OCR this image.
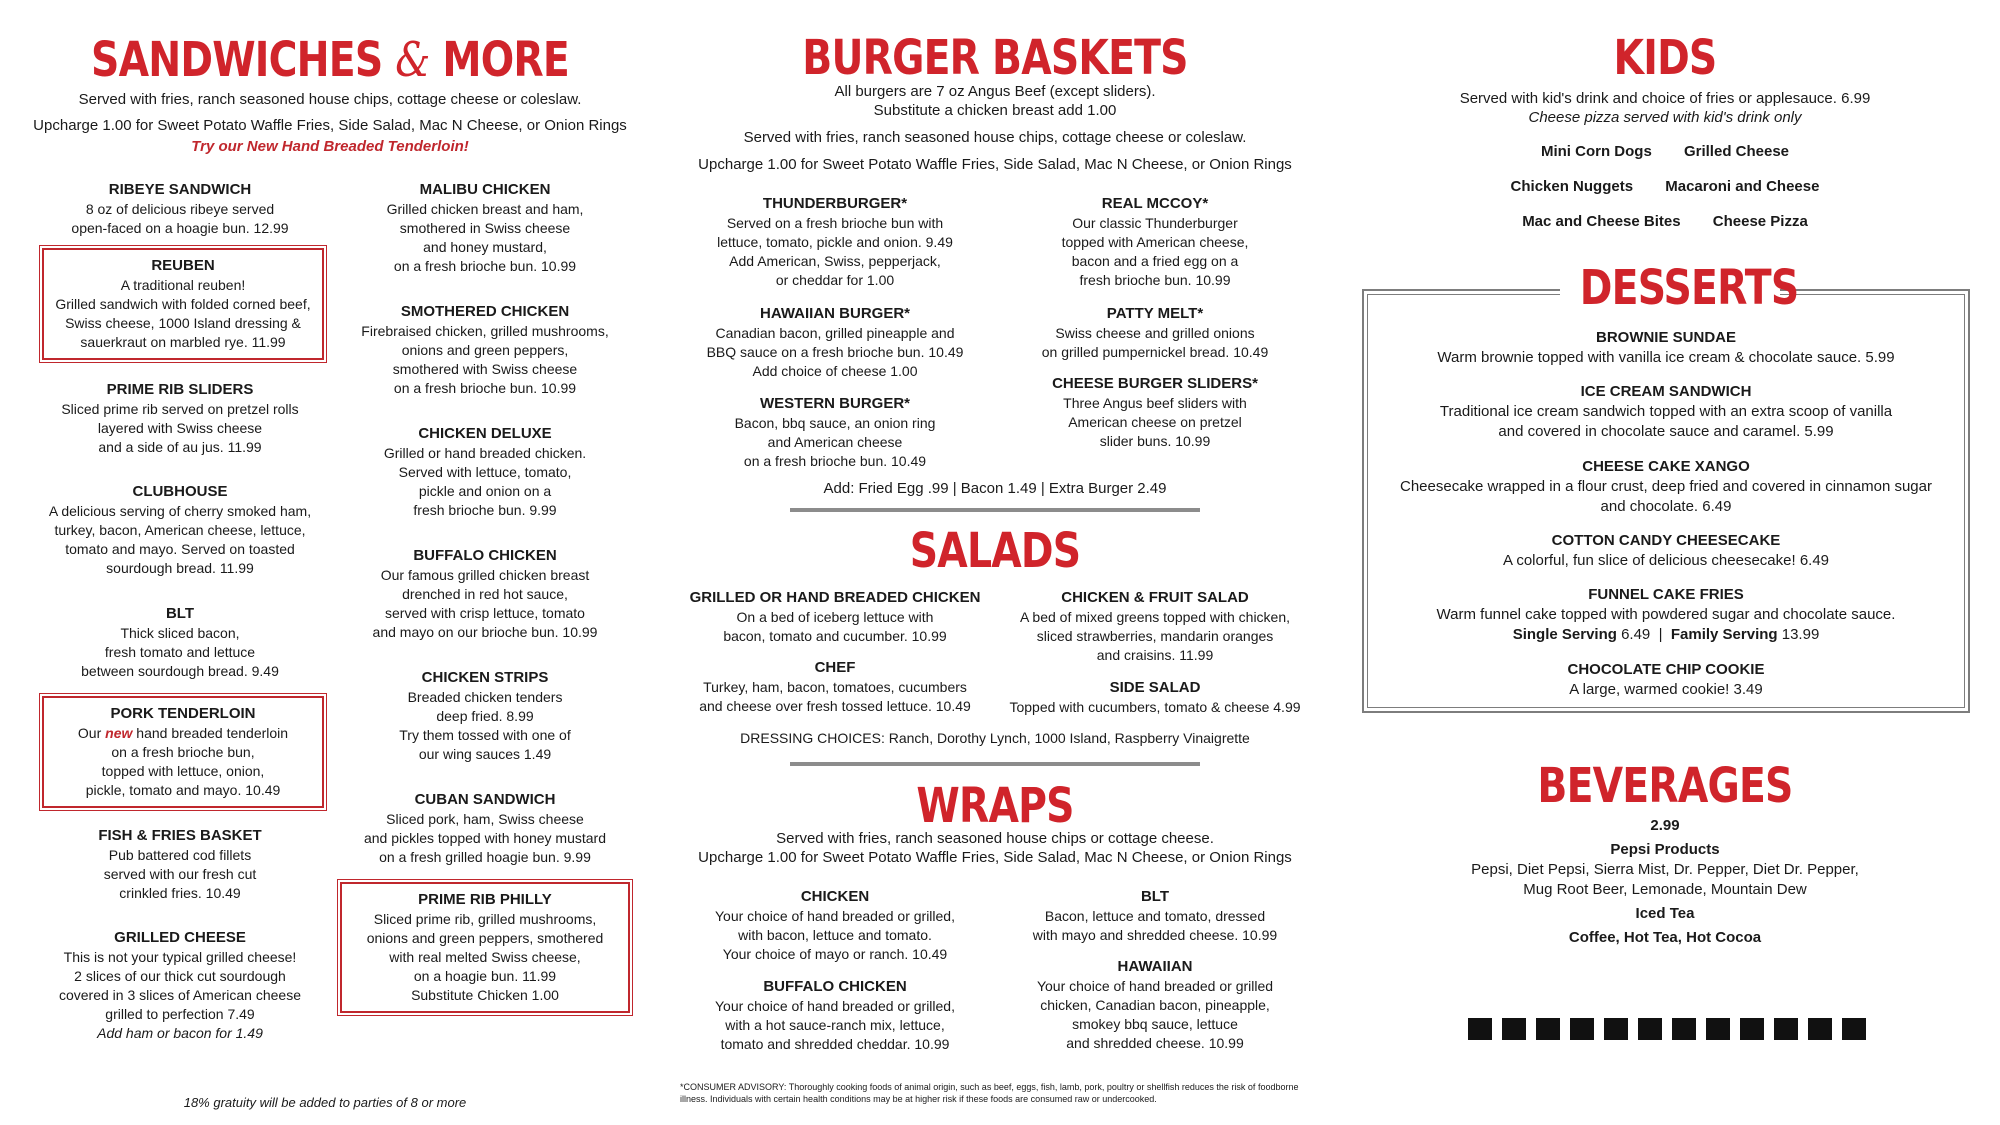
SANDWICHES & MORE

Served with fries, ranch seasoned house chips, cottage cheese or coleslaw.

Upcharge 1.00 for Sweet Potato Waffle Fries, Side Salad, Mac N Cheese, or Onion Rings

Try our New Hand Breaded Tenderloin!

RIBEYE SANDWICH
8 oz of delicious ribeye served
open-faced on a hoagie bun. 12.99
REUBEN
A traditional reuben!
Grilled sandwich with folded corned beef,
Swiss cheese, 1000 Island dressing &
sauerkraut on marbled rye. 11.99
PRIME RIB SLIDERS
Sliced prime rib served on pretzel rolls
layered with Swiss cheese
and a side of au jus. 11.99
CLUBHOUSE
A delicious serving of cherry smoked ham,
turkey, bacon, American cheese, lettuce,
tomato and mayo. Served on toasted
sourdough bread. 11.99
BLT
Thick sliced bacon,
fresh tomato and lettuce
between sourdough bread. 9.49
PORK TENDERLOIN
Our new hand breaded tenderloin
on a fresh brioche bun,
topped with lettuce, onion,
pickle, tomato and mayo. 10.49
FISH & FRIES BASKET
Pub battered cod fillets
served with our fresh cut
crinkled fries. 10.49
GRILLED CHEESE
This is not your typical grilled cheese!
2 slices of our thick cut sourdough
covered in 3 slices of American cheese
grilled to perfection 7.49
Add ham or bacon for 1.49
MALIBU CHICKEN
Grilled chicken breast and ham,
smothered in Swiss cheese
and honey mustard,
on a fresh brioche bun. 10.99
SMOTHERED CHICKEN
Firebraised chicken, grilled mushrooms,
onions and green peppers,
smothered with Swiss cheese
on a fresh brioche bun. 10.99
CHICKEN DELUXE
Grilled or hand breaded chicken.
Served with lettuce, tomato,
pickle and onion on a
fresh brioche bun. 9.99
BUFFALO CHICKEN
Our famous grilled chicken breast
drenched in red hot sauce,
served with crisp lettuce, tomato
and mayo on our brioche bun. 10.99
CHICKEN STRIPS
Breaded chicken tenders
deep fried. 8.99
Try them tossed with one of
our wing sauces 1.49
CUBAN SANDWICH
Sliced pork, ham, Swiss cheese
and pickles topped with honey mustard
on a fresh grilled hoagie bun. 9.99
PRIME RIB PHILLY
Sliced prime rib, grilled mushrooms,
onions and green peppers, smothered
with real melted Swiss cheese,
on a hoagie bun. 11.99
Substitute Chicken 1.00
18% gratuity will be added to parties of 8 or more
BURGER BASKETS

All burgers are 7 oz Angus Beef (except sliders).

Substitute a chicken breast add 1.00

Served with fries, ranch seasoned house chips, cottage cheese or coleslaw.

Upcharge 1.00 for Sweet Potato Waffle Fries, Side Salad, Mac N Cheese, or Onion Rings

THUNDERBURGER*
Served on a fresh brioche bun with
lettuce, tomato, pickle and onion. 9.49
Add American, Swiss, pepperjack,
or cheddar for 1.00
HAWAIIAN BURGER*
Canadian bacon, grilled pineapple and
BBQ sauce on a fresh brioche bun. 10.49
Add choice of cheese 1.00
WESTERN BURGER*
Bacon, bbq sauce, an onion ring
and American cheese
on a fresh brioche bun. 10.49
REAL MCCOY*
Our classic Thunderburger
topped with American cheese,
bacon and a fried egg on a
fresh brioche bun. 10.99
PATTY MELT*
Swiss cheese and grilled onions
on grilled pumpernickel bread. 10.49
CHEESE BURGER SLIDERS*
Three Angus beef sliders with
American cheese on pretzel
slider buns. 10.99
Add: Fried Egg .99 | Bacon 1.49 | Extra Burger 2.49
SALADS
GRILLED OR HAND BREADED CHICKEN
On a bed of iceberg lettuce with
bacon, tomato and cucumber. 10.99
CHEF
Turkey, ham, bacon, tomatoes, cucumbers
and cheese over fresh tossed lettuce. 10.49
CHICKEN & FRUIT SALAD
A bed of mixed greens topped with chicken,
sliced strawberries, mandarin oranges
and craisins. 11.99
SIDE SALAD
Topped with cucumbers, tomato & cheese 4.99
DRESSING CHOICES: Ranch, Dorothy Lynch, 1000 Island, Raspberry Vinaigrette
WRAPS

Served with fries, ranch seasoned house chips or cottage cheese.

Upcharge 1.00 for Sweet Potato Waffle Fries, Side Salad, Mac N Cheese, or Onion Rings

CHICKEN
Your choice of hand breaded or grilled,
with bacon, lettuce and tomato.
Your choice of mayo or ranch. 10.49
BUFFALO CHICKEN
Your choice of hand breaded or grilled,
with a hot sauce-ranch mix, lettuce,
tomato and shredded cheddar. 10.99
BLT
Bacon, lettuce and tomato, dressed
with mayo and shredded cheese. 10.99
HAWAIIAN
Your choice of hand breaded or grilled
chicken, Canadian bacon, pineapple,
smokey bbq sauce, lettuce
and shredded cheese. 10.99
*CONSUMER ADVISORY: Thoroughly cooking foods of animal origin, such as beef, eggs, fish, lamb, pork, poultry or shellfish reduces the risk of foodborne illness. Individuals with certain health conditions may be at higher risk if these foods are consumed raw or undercooked.
KIDS

Served with kid's drink and choice of fries or applesauce. 6.99

Cheese pizza served with kid's drink only

Mini Corn Dogs Grilled Cheese
Chicken Nuggets Macaroni and Cheese
Mac and Cheese Bites Cheese Pizza
BROWNIE SUNDAE
Warm brownie topped with vanilla ice cream & chocolate sauce. 5.99
ICE CREAM SANDWICH
Traditional ice cream sandwich topped with an extra scoop of vanilla
and covered in chocolate sauce and caramel. 5.99
CHEESE CAKE XANGO
Cheesecake wrapped in a flour crust, deep fried and covered in cinnamon sugar
and chocolate. 6.49
COTTON CANDY CHEESECAKE
A colorful, fun slice of delicious cheesecake! 6.49
FUNNEL CAKE FRIES
Warm funnel cake topped with powdered sugar and chocolate sauce.
Single Serving 6.49  |  Family Serving 13.99
CHOCOLATE CHIP COOKIE
A large, warmed cookie! 3.49
DESSERTS
BEVERAGES
2.99
Pepsi Products
Pepsi, Diet Pepsi, Sierra Mist, Dr. Pepper, Diet Dr. Pepper,
Mug Root Beer, Lemonade, Mountain Dew
Iced Tea
Coffee, Hot Tea, Hot Cocoa
